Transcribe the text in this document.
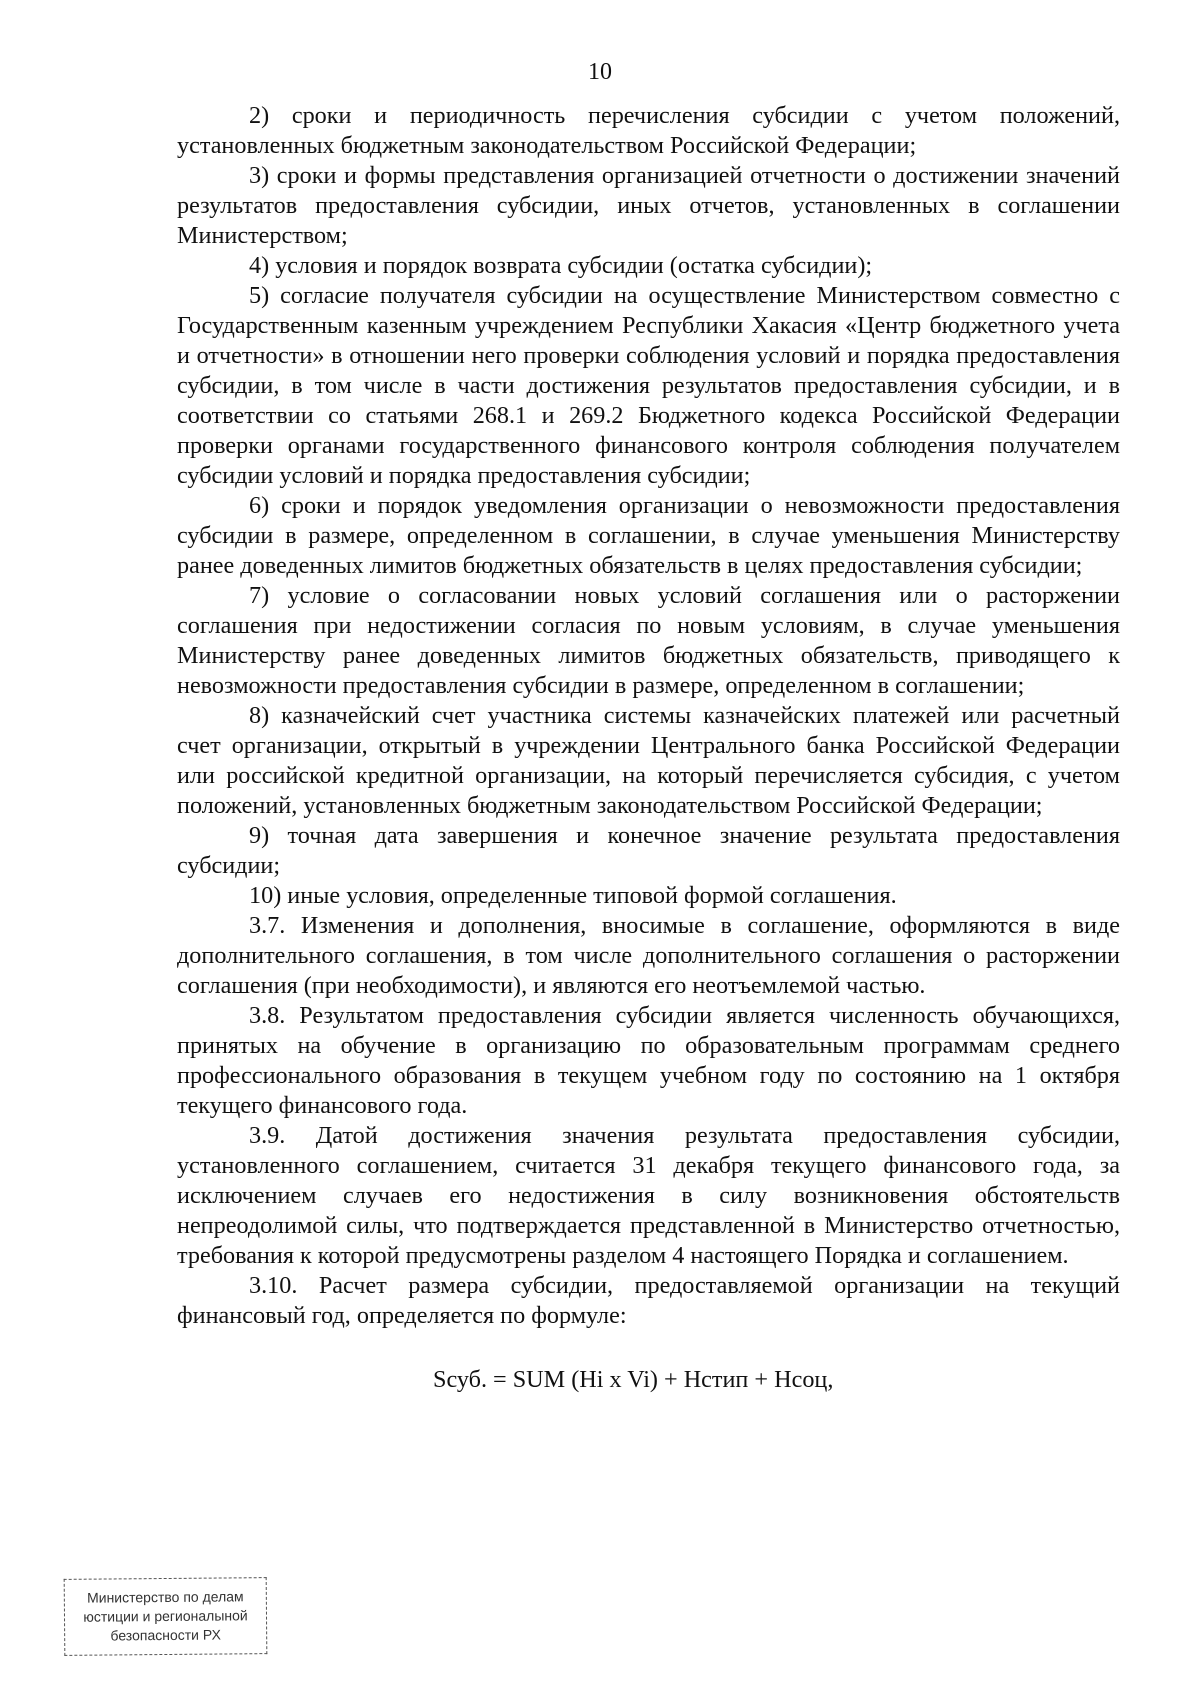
10

2) сроки и периодичность перечисления субсидии с учетом положений, установленных бюджетным законодательством Российской Федерации;

3) сроки и формы представления организацией отчетности о достижении значений результатов предоставления субсидии, иных отчетов, установленных в соглашении Министерством;

4) условия и порядок возврата субсидии (остатка субсидии);

5) согласие получателя субсидии на осуществление Министерством совместно с Государственным казенным учреждением Республики Хакасия «Центр бюджетного учета и отчетности» в отношении него проверки соблюдения условий и порядка предоставления субсидии, в том числе в части достижения результатов предоставления субсидии, и в соответствии со статьями 268.1 и 269.2 Бюджетного кодекса Российской Федерации проверки органами государственного финансового контроля соблюдения получателем субсидии условий и порядка предоставления субсидии;

6) сроки и порядок уведомления организации о невозможности предоставления субсидии в размере, определенном в соглашении, в случае уменьшения Министерству ранее доведенных лимитов бюджетных обязательств в целях предоставления субсидии;

7) условие о согласовании новых условий соглашения или о расторжении соглашения при недостижении согласия по новым условиям, в случае уменьшения Министерству ранее доведенных лимитов бюджетных обязательств, приводящего к невозможности предоставления субсидии в размере, определенном в соглашении;

8) казначейский счет участника системы казначейских платежей или расчетный счет организации, открытый в учреждении Центрального банка Российской Федерации или российской кредитной организации, на который перечисляется субсидия, с учетом положений, установленных бюджетным законодательством Российской Федерации;

9) точная дата завершения и конечное значение результата предоставления субсидии;

10) иные условия, определенные типовой формой соглашения.

3.7. Изменения и дополнения, вносимые в соглашение, оформляются в виде дополнительного соглашения, в том числе дополнительного соглашения о расторжении соглашения (при необходимости), и являются его неотъемлемой частью.

3.8. Результатом предоставления субсидии является численность обучающихся, принятых на обучение в организацию по образовательным программам среднего профессионального образования в текущем учебном году по состоянию на 1 октября текущего финансового года.

3.9. Датой достижения значения результата предоставления субсидии, установленного соглашением, считается 31 декабря текущего финансового года, за исключением случаев его недостижения в силу возникновения обстоятельств непреодолимой силы, что подтверждается представленной в Министерство отчетностью, требования к которой предусмотрены разделом 4 настоящего Порядка и соглашением.

3.10. Расчет размера субсидии, предоставляемой организации на текущий финансовый год, определяется по формуле:

Sсуб. = SUM (Hi x Vi) + Нстип + Нсоц,

Министерство по делам
юстиции и регионалыной
безопасности РХ
